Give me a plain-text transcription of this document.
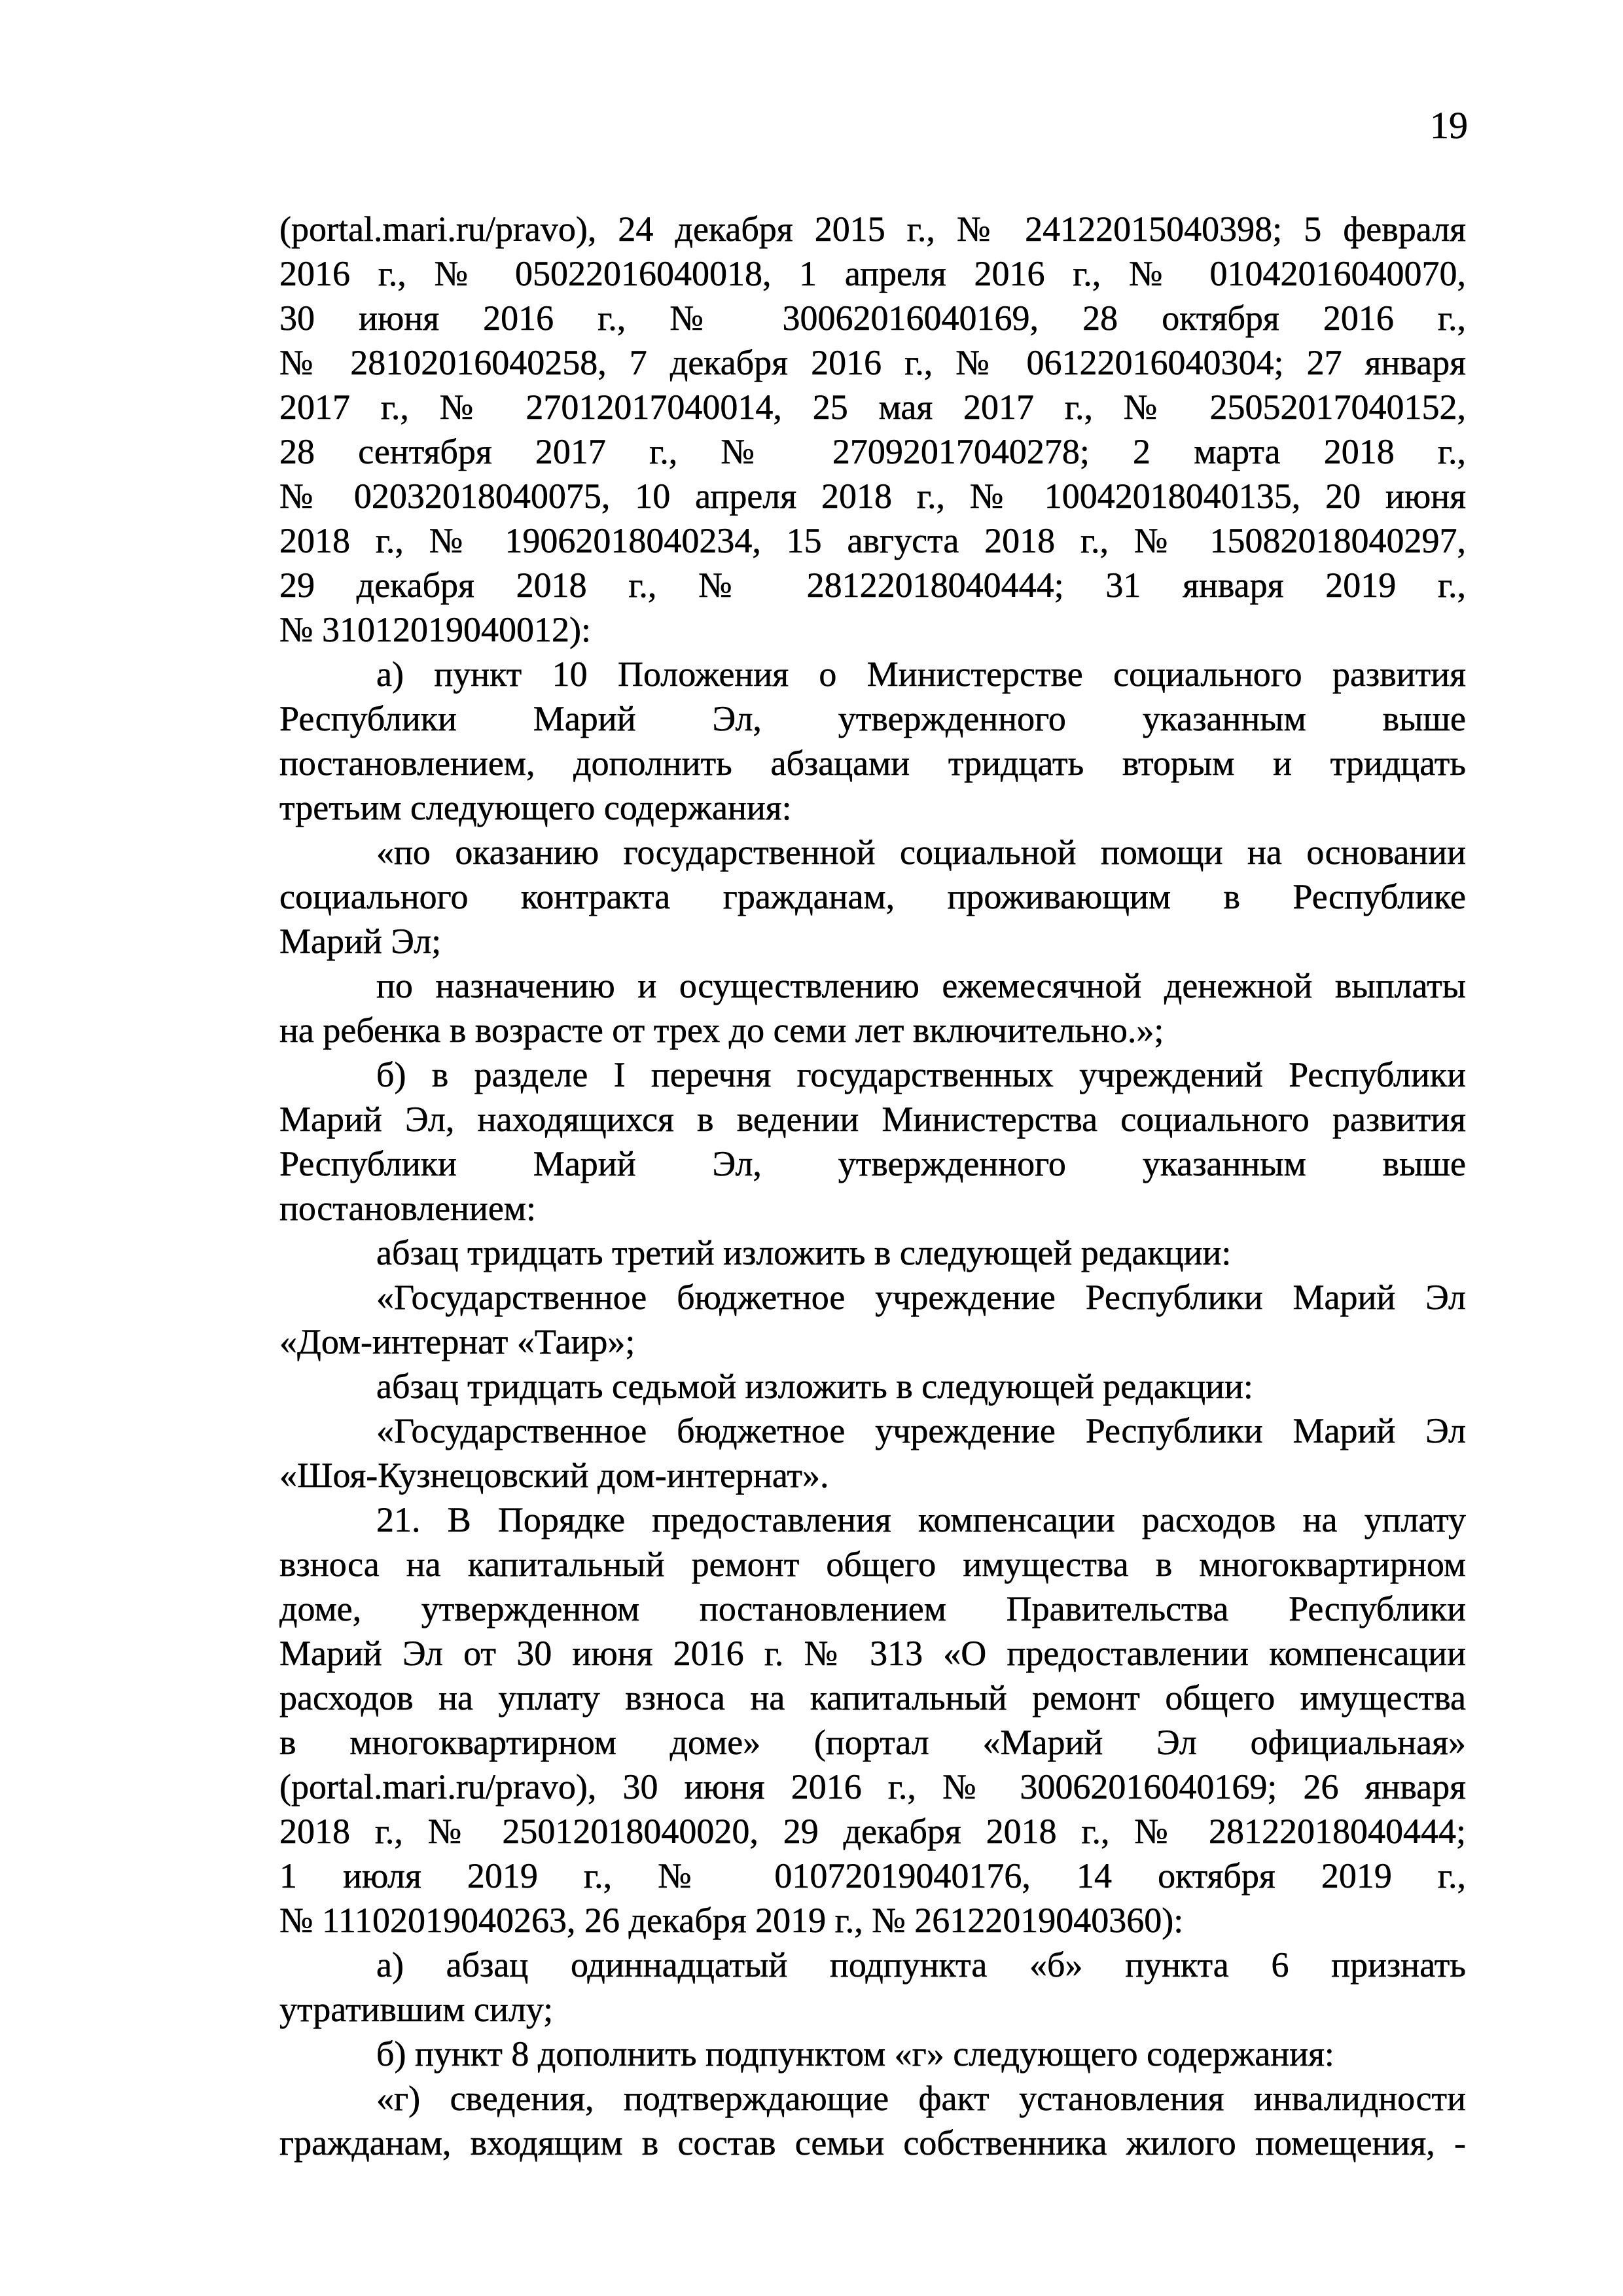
19
(portal.mari.ru/pravo), 24 декабря 2015 г., № 24122015040398; 5 февраля
2016 г., № 05022016040018, 1 апреля 2016 г., № 01042016040070,
30 июня 2016 г., № 30062016040169, 28 октября 2016 г.,
№ 28102016040258, 7 декабря 2016 г., № 06122016040304; 27 января
2017 г., № 27012017040014, 25 мая 2017 г., № 25052017040152,
28 сентября 2017 г., № 27092017040278; 2 марта 2018 г.,
№ 02032018040075, 10 апреля 2018 г., № 10042018040135, 20 июня
2018 г., № 19062018040234, 15 августа 2018 г., № 15082018040297,
29 декабря 2018 г., № 28122018040444; 31 января 2019 г.,
№ 31012019040012):
а) пункт 10 Положения о Министерстве социального развития
Республики Марий Эл, утвержденного указанным выше
постановлением, дополнить абзацами тридцать вторым и тридцать
третьим следующего содержания:
«по оказанию государственной социальной помощи на основании
социального контракта гражданам, проживающим в Республике
Марий Эл;
по назначению и осуществлению ежемесячной денежной выплаты
на ребенка в возрасте от трех до семи лет включительно.»;
б) в разделе I перечня государственных учреждений Республики
Марий Эл, находящихся в ведении Министерства социального развития
Республики Марий Эл, утвержденного указанным выше
постановлением:
абзац тридцать третий изложить в следующей редакции:
«Государственное бюджетное учреждение Республики Марий Эл
«Дом-интернат «Таир»;
абзац тридцать седьмой изложить в следующей редакции:
«Государственное бюджетное учреждение Республики Марий Эл
«Шоя-Кузнецовский дом-интернат».
21. В Порядке предоставления компенсации расходов на уплату
взноса на капитальный ремонт общего имущества в многоквартирном
доме, утвержденном постановлением Правительства Республики
Марий Эл от 30 июня 2016 г. № 313 «О предоставлении компенсации
расходов на уплату взноса на капитальный ремонт общего имущества
в многоквартирном доме» (портал «Марий Эл официальная»
(portal.mari.ru/pravo), 30 июня 2016 г., № 30062016040169; 26 января
2018 г., № 25012018040020, 29 декабря 2018 г., № 28122018040444;
1 июля 2019 г., № 01072019040176, 14 октября 2019 г.,
№ 11102019040263, 26 декабря 2019 г., № 26122019040360):
а) абзац одиннадцатый подпункта «б» пункта 6 признать
утратившим силу;
б) пункт 8 дополнить подпунктом «г» следующего содержания:
«г) сведения, подтверждающие факт установления инвалидности
гражданам, входящим в состав семьи собственника жилого помещения, -
